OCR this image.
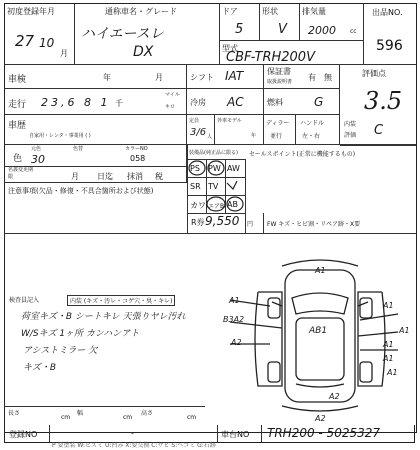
初度登録年月
27 10
月
通称車名・グレード
ハイエースレ
DX
ドア
5
形状
V
排気量
2000 cc
型式
CBF-TRH200V
出品NO.
596
車検	年	月	シフト IAT	保証書
取扱説明書 有 無	評価点
3.5
走行 23,6 8 1 千
マイル
キロ 冷房 AC	燃料	G
車歴
自家用・レンタ・事業用 ( )
定員
3/6 人
外車モデル
年
ディラー
並行
ハンドル
左・右
内装
評価 C
色
元色
30
色替	カラーNO
058
名義変更期限	月 日迄 抹消 税
装備品(純正品に限る) セールスポイント(正常に機能するもの)
注意事項(欠品・修復・不具合箇所および状態)
PS PW AW
SR TV
カワ エアB AB
R券 9,550 円 FW キズ・ヒビ割・リペア跡・X要
検査員記入	内装 (キズ・汚レ・コゲ穴・臭・キレ)
荷室キズ・B シートキレ 天張りヤレ汚れ
W/Sキズ 1ヶ所 カンハンアト
アシストミラー 欠
キズ・B
A1
A1
A1
B3A2
A2
AB1	A1
A1
A1
A1
A2
A2
長さ
cm
幅
cm
高さ
cm
登録NO	-	車台NO TRH200 - 5025327
P 要塗装 W:ヒズミ U:凹み X:要交換 C:サビ S:ヘコミ G:石跡
